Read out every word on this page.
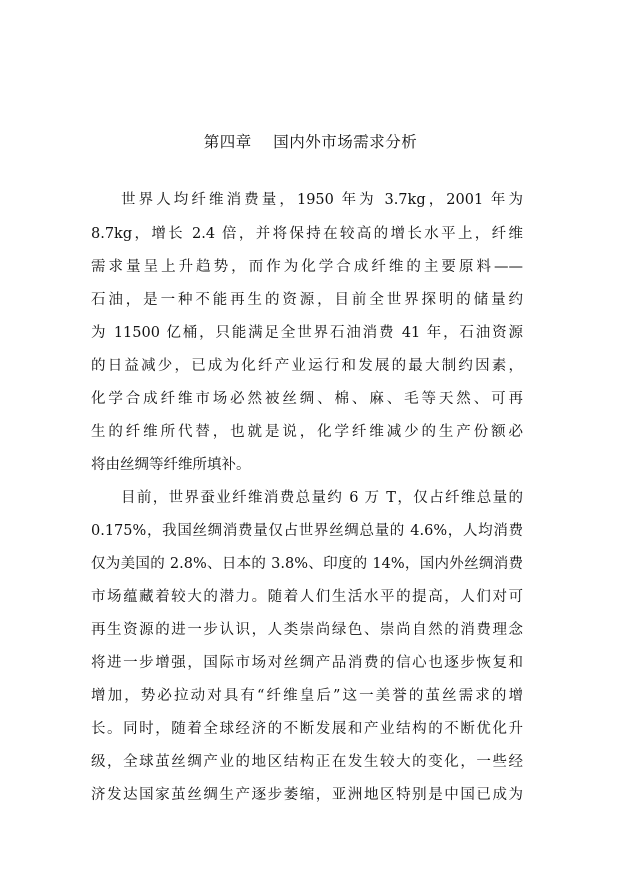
第四章　 国内外市场需求分析
世界人均纤维消费量，1950 年为 3.7kg，2001 年为
8.7kg，增长 2.4 倍，并将保持在较高的增长水平上，纤维
需求量呈上升趋势，而作为化学合成纤维的主要原料——
石油，是一种不能再生的资源，目前全世界探明的储量约
为 11500 亿桶，只能满足全世界石油消费 41 年，石油资源
的日益减少，已成为化纤产业运行和发展的最大制约因素，
化学合成纤维市场必然被丝绸、棉、麻、毛等天然、可再
生的纤维所代替，也就是说，化学纤维减少的生产份额必
将由丝绸等纤维所填补。
目前，世界蚕业纤维消费总量约 6 万 T，仅占纤维总量的
0.175%，我国丝绸消费量仅占世界丝绸总量的 4.6%，人均消费
仅为美国的 2.8%、日本的 3.8%、印度的 14%，国内外丝绸消费
市场蕴藏着较大的潜力。随着人们生活水平的提高，人们对可
再生资源的进一步认识，人类崇尚绿色、崇尚自然的消费理念
将进一步增强，国际市场对丝绸产品消费的信心也逐步恢复和
增加，势必拉动对具有“纤维皇后”这一美誉的茧丝需求的增
长。同时，随着全球经济的不断发展和产业结构的不断优化升
级，全球茧丝绸产业的地区结构正在发生较大的变化，一些经
济发达国家茧丝绸生产逐步萎缩，亚洲地区特别是中国已成为
